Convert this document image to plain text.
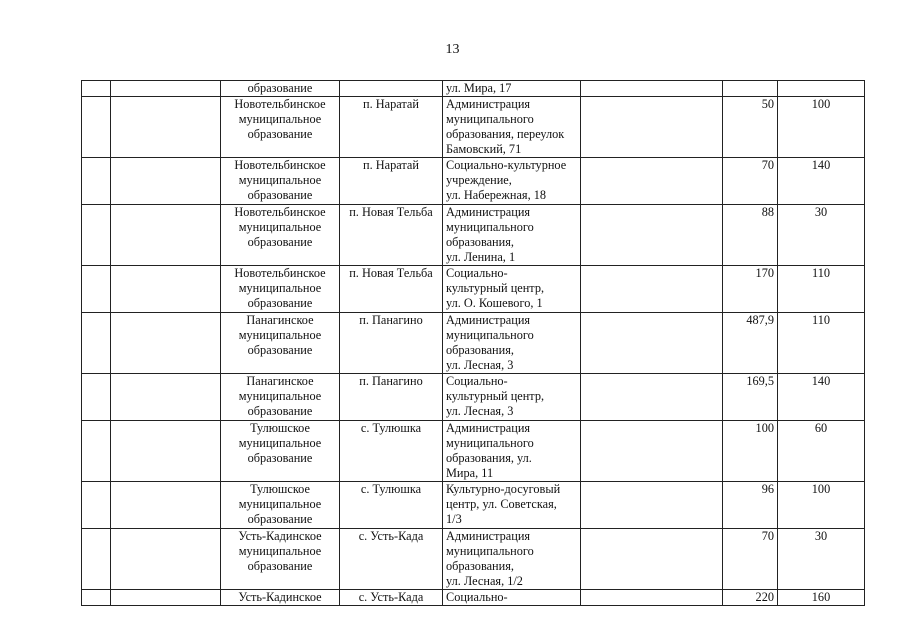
13
		образование		ул. Мира, 17			
		Новотельбинское
муниципальное
образование	п. Наратай	Администрация
муниципального
образования, переулок
Бамовский, 71		50	100
		Новотельбинское
муниципальное
образование	п. Наратай	Социально-культурное
учреждение,
ул. Набережная, 18		70	140
		Новотельбинское
муниципальное
образование	п. Новая Тельба	Администрация
муниципального
образования,
ул. Ленина, 1		88	30
		Новотельбинское
муниципальное
образование	п. Новая Тельба	Социально-
культурный центр,
ул. О. Кошевого, 1		170	110
		Панагинское
муниципальное
образование	п. Панагино	Администрация
муниципального
образования,
ул. Лесная, 3		487,9	110
		Панагинское
муниципальное
образование	п. Панагино	Социально-
культурный центр,
ул. Лесная, 3		169,5	140
		Тулюшское
муниципальное
образование	с. Тулюшка	Администрация
муниципального
образования, ул.
Мира, 11		100	60
		Тулюшское
муниципальное
образование	с. Тулюшка	Культурно-досуговый
центр, ул. Советская,
1/3		96	100
		Усть-Кадинское
муниципальное
образование	с. Усть-Када	Администрация
муниципального
образования,
ул. Лесная, 1/2		70	30
		Усть-Кадинское	с. Усть-Када	Социально-		220	160
